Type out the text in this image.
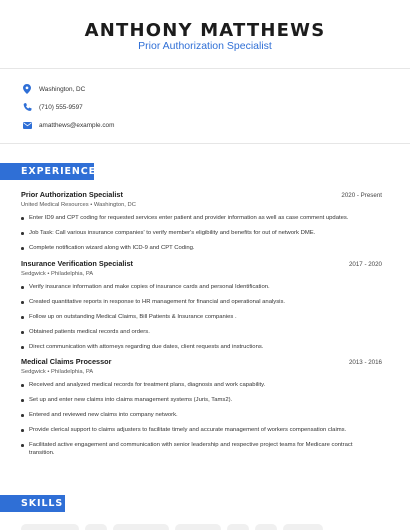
ANTHONY MATTHEWS
Prior Authorization Specialist
Washington, DC
(710) 555-9597
amatthews@example.com
EXPERIENCE
Prior Authorization Specialist	2020 - Present
United Medical Resources • Washington, DC
Enter ID9 and CPT coding for requested services enter patient and provider information as well as case comment updates.
Job Task: Call various insurance companies' to verify member's eligibility and benefits for out of network DME.
Complete notification wizard along with ICD-9 and CPT Coding.
Insurance Verification Specialist	2017 - 2020
Sedgwick • Philadelphia, PA
Verify insurance information and make copies of insurance cards and personal Identification.
Created quantitative reports in response to HR management for financial and operational analysis.
Follow up on outstanding Medical Claims, Bill Patients & Insurance companies .
Obtained patients medical records and orders.
Direct communication with attorneys regarding due dates, client requests and instructions.
Medical Claims Processor	2013 - 2016
Sedgwick • Philadelphia, PA
Received and analyzed medical records for treatment plans, diagnosis and work capability.
Set up and enter new claims into claims management systems (Juris, Tams2).
Entered and reviewed new claims into company network.
Provide clerical support to claims adjusters to facilitate timely and accurate management of workers compensation claims.
Facilitated active engagement and communication with senior leadership and respective project teams for Medicare contract transition.
SKILLS
